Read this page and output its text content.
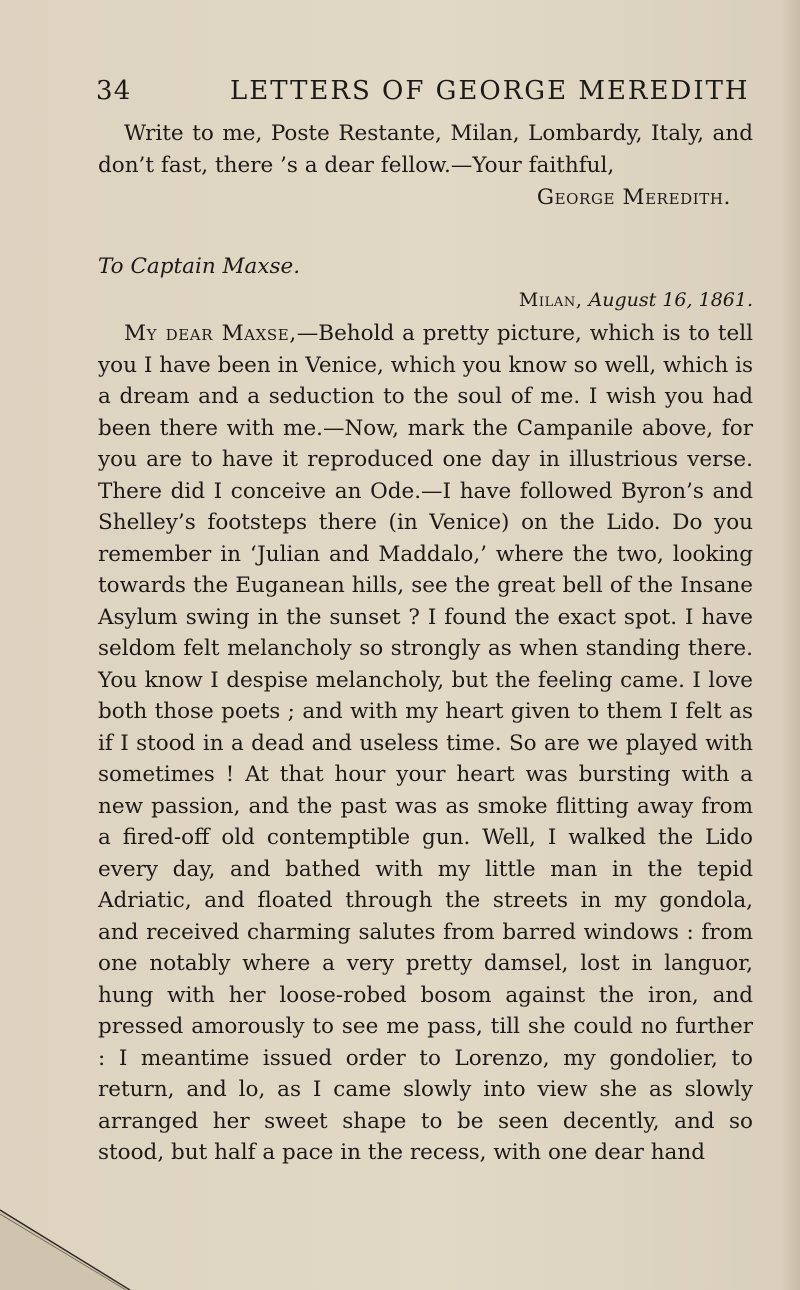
34	LETTERS OF GEORGE MEREDITH
Write to me, Poste Restante, Milan, Lombardy, Italy, and don’t fast, there ’s a dear fellow.—Your faithful,
George Meredith.
To Captain Maxse.
Milan, August 16, 1861.
My dear Maxse,—Behold a pretty picture, which is to tell you I have been in Venice, which you know so well, which is a dream and a seduction to the soul of me. I wish you had been there with me.—Now, mark the Campanile above, for you are to have it reproduced one day in illustrious verse. There did I conceive an Ode.—I have followed Byron’s and Shelley’s footsteps there (in Venice) on the Lido. Do you remember in ‘Julian and Maddalo,’ where the two, looking towards the Euganean hills, see the great bell of the Insane Asylum swing in the sunset ? I found the exact spot. I have seldom felt melancholy so strongly as when standing there. You know I despise melancholy, but the feeling came. I love both those poets ; and with my heart given to them I felt as if I stood in a dead and useless time. So are we played with sometimes ! At that hour your heart was bursting with a new passion, and the past was as smoke flitting away from a fired-off old contemptible gun. Well, I walked the Lido every day, and bathed with my little man in the tepid Adriatic, and floated through the streets in my gondola, and received charming salutes from barred windows : from one notably where a very pretty damsel, lost in languor, hung with her loose-robed bosom against the iron, and pressed amorously to see me pass, till she could no further : I meantime issued order to Lorenzo, my gondolier, to return, and lo, as I came slowly into view she as slowly arranged her sweet shape to be seen decently, and so stood, but half a pace in the recess, with one dear hand
